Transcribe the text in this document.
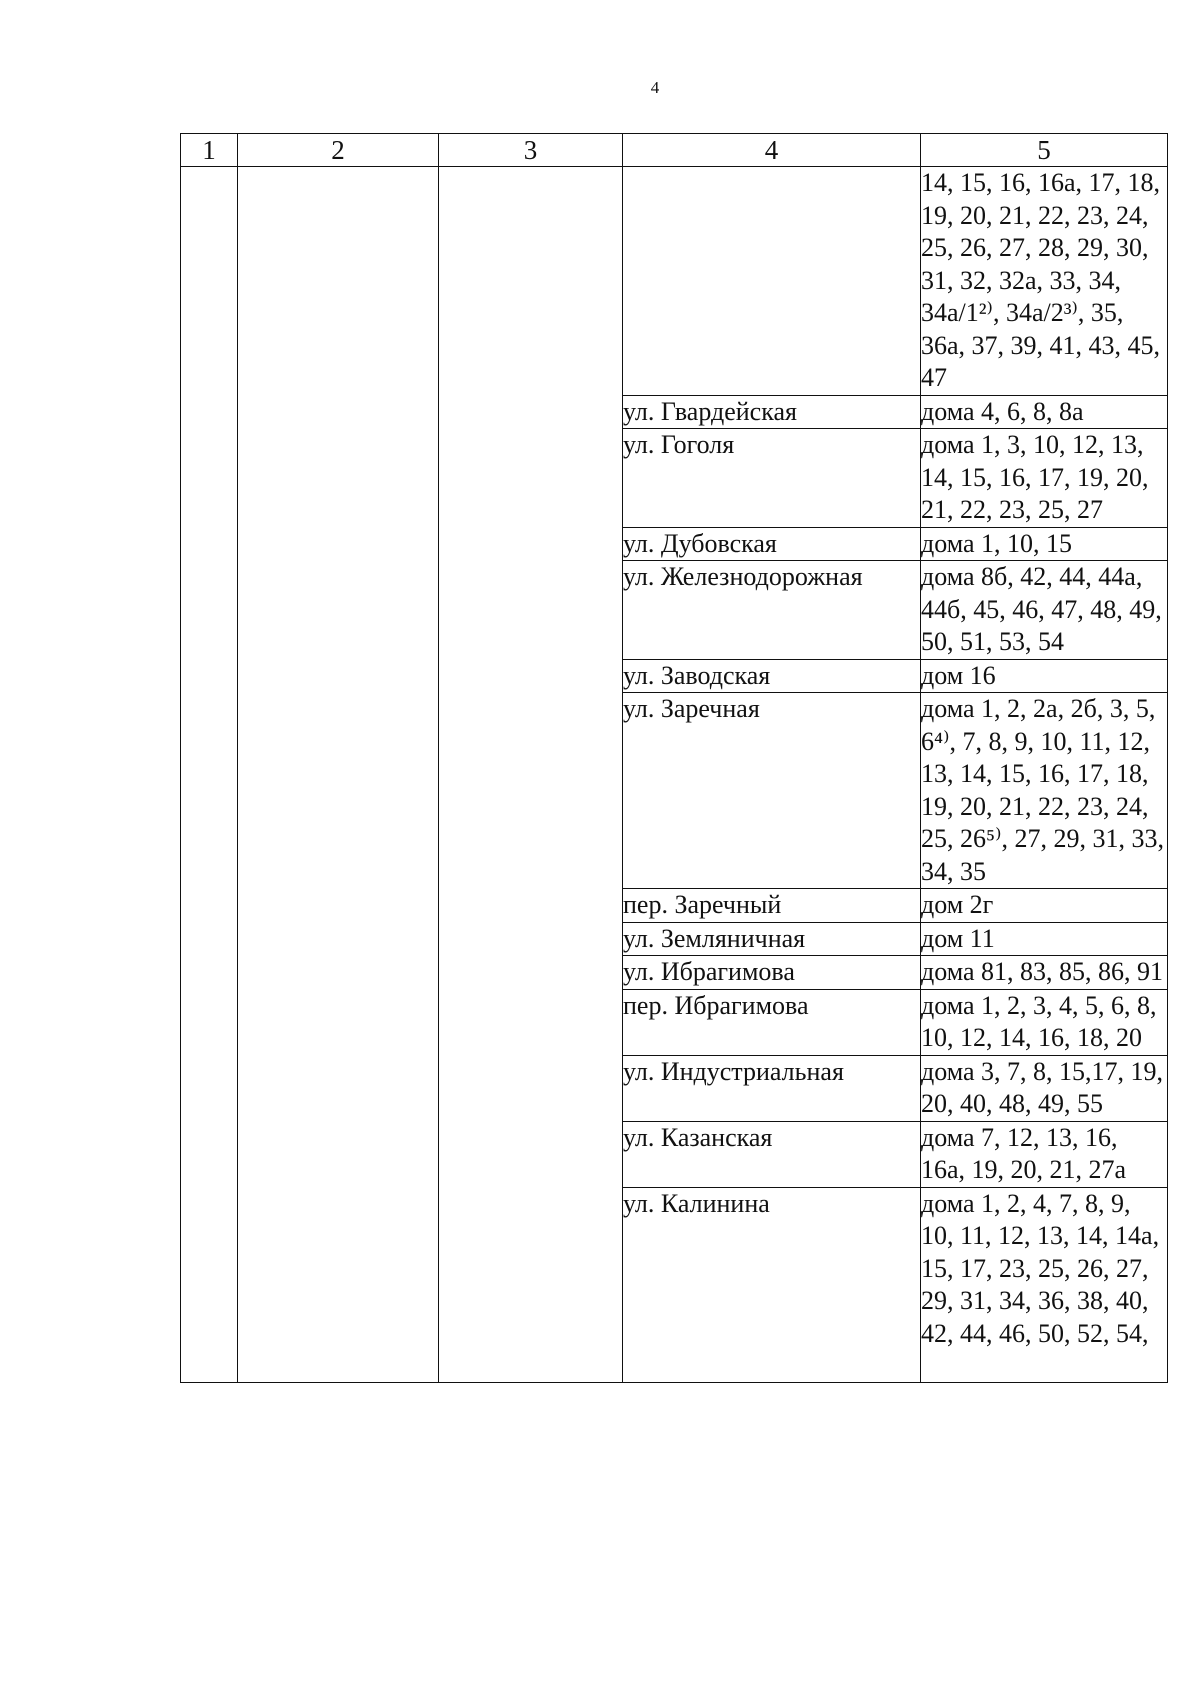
4
1	2	3	4	5
				14, 15, 16, 16а, 17, 18, 19, 20, 21, 22, 23, 24, 25, 26, 27, 28, 29, 30, 31, 32, 32а, 33, 34, 34а/1²⁾, 34а/2³⁾, 35, 36а, 37, 39, 41, 43, 45, 47
			ул. Гвардейская	дома 4, 6, 8, 8а
			ул. Гоголя	дома 1, 3, 10, 12, 13, 14, 15, 16, 17, 19, 20, 21, 22, 23, 25, 27
			ул. Дубовская	дома 1, 10, 15
			ул. Железнодорожная	дома 8б, 42, 44, 44а, 44б, 45, 46, 47, 48, 49, 50, 51, 53, 54
			ул. Заводская	дом 16
			ул. Заречная	дома 1, 2, 2а, 2б, 3, 5, 6⁴⁾, 7, 8, 9, 10, 11, 12, 13, 14, 15, 16, 17, 18, 19, 20, 21, 22, 23, 24, 25, 26⁵⁾, 27, 29, 31, 33, 34, 35
			пер. Заречный	дом 2г
			ул. Земляничная	дом 11
			ул. Ибрагимова	дома 81, 83, 85, 86, 91
			пер. Ибрагимова	дома 1, 2, 3, 4, 5, 6, 8, 10, 12, 14, 16, 18, 20
			ул. Индустриальная	дома 3, 7, 8, 15,17, 19, 20, 40, 48, 49, 55
			ул. Казанская	дома 7, 12, 13, 16, 16а, 19, 20, 21, 27а
			ул. Калинина	дома 1, 2, 4, 7, 8, 9, 10, 11, 12, 13, 14, 14а, 15, 17, 23, 25, 26, 27, 29, 31, 34, 36, 38, 40, 42, 44, 46, 50, 52, 54,
